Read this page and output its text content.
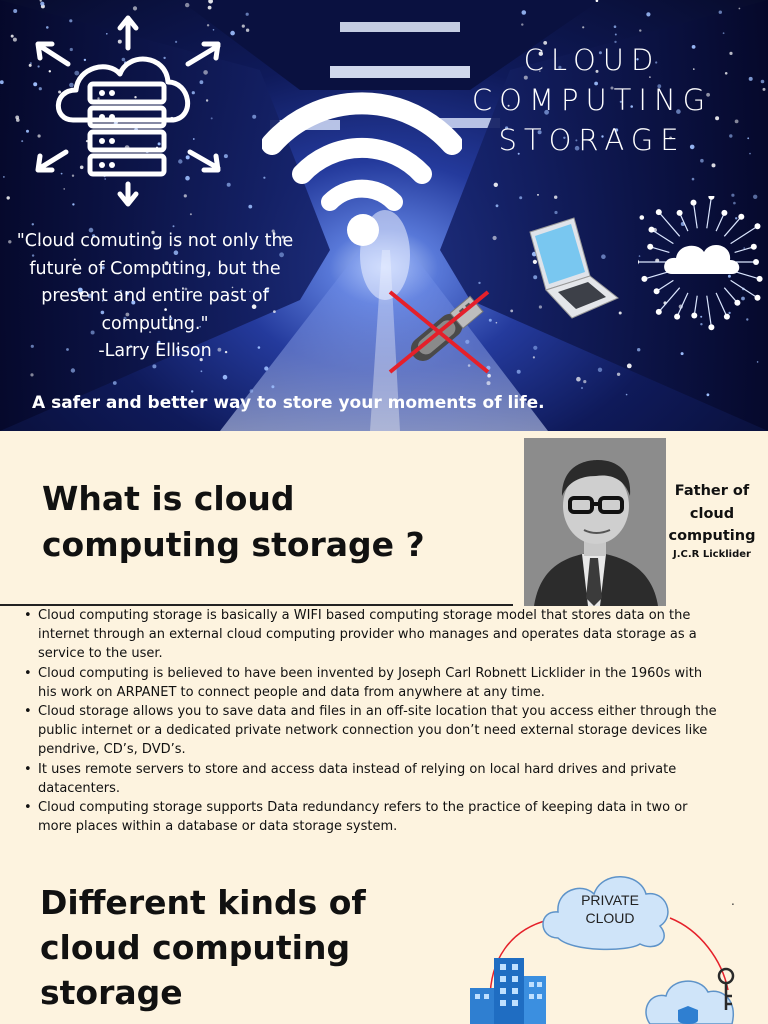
CLOUD
COMPUTING
STORAGE
"Cloud comuting is not only the future of Computing, but the present and entire past of computing."
-Larry Ellison
A safer and better way to store your moments of life.
What is cloud computing storage ?
Father of cloud computing
J.C.R Licklider
• Cloud computing storage is basically a WIFI based computing storage model that stores data on the internet through an external cloud computing provider who manages and operates data storage as a service to the user.
• Cloud computing is believed to have been invented by Joseph Carl Robnett Licklider in the 1960s with his work on ARPANET to connect people and data from anywhere at any time.
• Cloud storage allows you to save data and files in an off-site location that you access either through the public internet or a dedicated private network connection you don’t need external storage devices like pendrive, CD’s, DVD’s.
• It uses remote servers to store and access data instead of relying on local hard drives and private datacenters.
• Cloud computing storage supports Data redundancy refers to the practice of keeping data in two or more places within a database or data storage system.
Different kinds of cloud computing storage
.
PRIVATE
CLOUD
